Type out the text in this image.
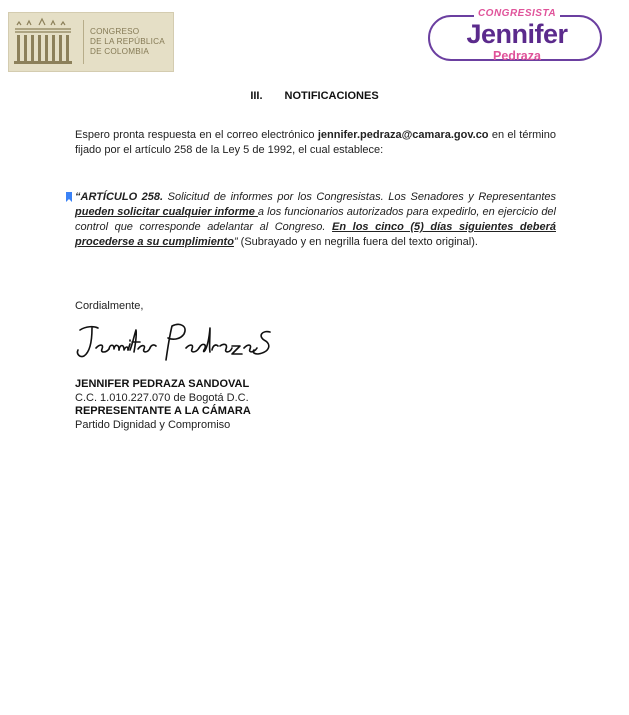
CONGRESO
DE LA REPÚBLICA
DE COLOMBIA
CONGRESISTA
Jennifer
Pedraza
III. NOTIFICACIONES
Espero pronta respuesta en el correo electrónico jennifer.pedraza@camara.gov.co en el término fijado por el artículo 258 de la Ley 5 de 1992, el cual establece:
“ARTÍCULO 258. Solicitud de informes por los Congresistas. Los Senadores y Representantes pueden solicitar cualquier informe a los funcionarios autorizados para expedirlo, en ejercicio del control que corresponde adelantar al Congreso. En los cinco (5) días siguientes deberá procederse a su cumplimiento” (Subrayado y en negrilla fuera del texto original).
Cordialmente,
JENNIFER PEDRAZA SANDOVAL
C.C. 1.010.227.070 de Bogotá D.C.
REPRESENTANTE A LA CÁMARA
Partido Dignidad y Compromiso
